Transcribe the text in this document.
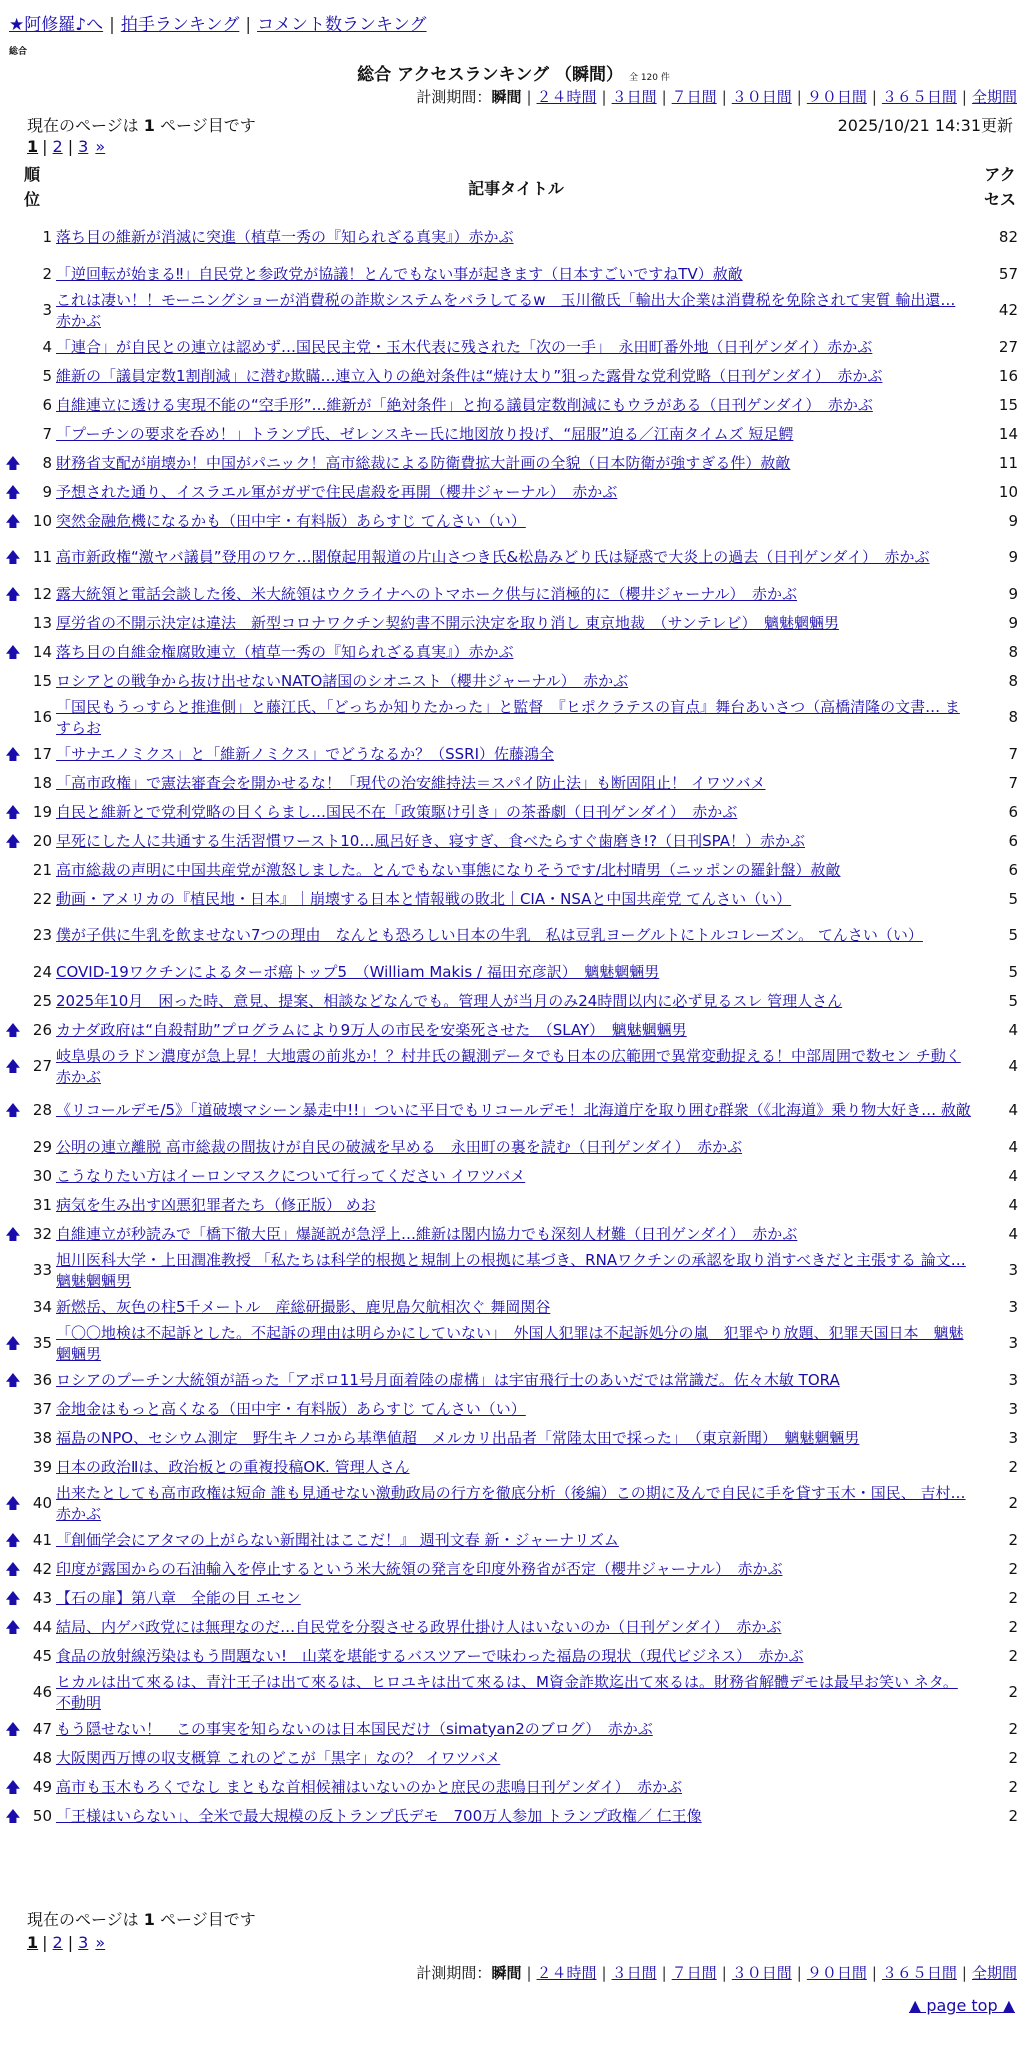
★阿修羅♪へ | 拍手ランキング | コメント数ランキング
総合
総合 アクセスランキング （瞬間） 全 120 件
計測期間：瞬間 | ２４時間 | ３日間 | ７日間 | ３０日間 | ９０日間 | ３６５日間 | 全期間
現在のページは 1 ページ目です	2025/10/21 14:31更新
1 | 2 | 3 »
順位
記事タイトル
アクセス
	1	落ち目の維新が消滅に突進（植草一秀の『知られざる真実』）赤かぶ	82
	2	「逆回転が始まる‼」自民党と参政党が協議！とんでもない事が起きます（日本すごいですねTV）赦敵	57
	3	これは凄い！！モーニングショーが消費税の詐欺システムをバラしてるw　玉川徹氏「輸出大企業は消費税を免除されて実質 輸出還… 赤かぶ	42
	4	「連合」が自民との連立は認めず…国民民主党・玉木代表に残された「次の一手」　永田町番外地（日刊ゲンダイ）赤かぶ	27
	5	維新の「議員定数1割削減」に潜む欺瞞…連立入りの絶対条件は“焼け太り”狙った露骨な党利党略（日刊ゲンダイ）　赤かぶ	16
	6	自維連立に透ける実現不能の“空手形”…維新が「絶対条件」と拘る議員定数削減にもウラがある（日刊ゲンダイ）　赤かぶ	15
	7	「プーチンの要求を呑め！」トランプ氏、ゼレンスキー氏に地図放り投げ、“屈服”迫る／江南タイムズ 短足鰐	14
🡅	8	財務省支配が崩壊か！中国がパニック！高市総裁による防衛費拡大計画の全貌（日本防衛が強すぎる件）赦敵	11
🡅	9	予想された通り、イスラエル軍がガザで住民虐殺を再開（櫻井ジャーナル）　赤かぶ	10
🡅	10	突然金融危機になるかも（田中宇・有料版）あらすじ てんさい（い）	9
🡅	11	高市新政権“激ヤバ議員”登用のワケ…閣僚起用報道の片山さつき氏&松島みどり氏は疑惑で大炎上の過去（日刊ゲンダイ）　赤かぶ	9
🡅	12	露大統領と電話会談した後、米大統領はウクライナへのトマホーク供与に消極的に（櫻井ジャーナル）　赤かぶ	9
	13	厚労省の不開示決定は違法　新型コロナワクチン契約書不開示決定を取り消し 東京地裁　（サンテレビ）　魑魅魍魎男	9
🡅	14	落ち目の自維金権腐敗連立（植草一秀の『知られざる真実』）赤かぶ	8
	15	ロシアとの戦争から抜け出せないNATO諸国のシオニスト（櫻井ジャーナル）　赤かぶ	8
	16	「国民もうっすらと推進側」と藤江氏、「どっちか知りたかった」と監督　『ヒポクラテスの盲点』舞台あいさつ（高橋清隆の文書… ますらお	8
🡅	17	「サナエノミクス」と「維新ノミクス」でどうなるか？（SSRI）佐藤鴻全	7
	18	「高市政権」で憲法審査会を開かせるな！「現代の治安維持法＝スパイ防止法」も断固阻止！ イワツバメ	7
🡅	19	自民と維新とで党利党略の目くらまし…国民不在「政策駆け引き」の茶番劇（日刊ゲンダイ）　赤かぶ	6
🡅	20	早死にした人に共通する生活習慣ワースト10…風呂好き、寝すぎ、食べたらすぐ歯磨き!?（日刊SPA！）赤かぶ	6
	21	高市総裁の声明に中国共産党が激怒しました。とんでもない事態になりそうです/北村晴男（ニッポンの羅針盤）赦敵	6
	22	動画・アメリカの『植民地・日本』｜崩壊する日本と情報戦の敗北｜CIA・NSAと中国共産党 てんさい（い）	5
	23	僕が子供に牛乳を飲ませない7つの理由　なんとも恐ろしい日本の牛乳　私は豆乳ヨーグルトにトルコレーズン。 てんさい（い）	5
	24	COVID-19ワクチンによるターボ癌トップ5　（William Makis / 福田充彦訳）　魑魅魍魎男	5
	25	2025年10月　困った時、意見、提案、相談などなんでも。管理人が当月のみ24時間以内に必ず見るスレ 管理人さん	5
🡅	26	カナダ政府は“自殺幇助”プログラムにより9万人の市民を安楽死させた　（SLAY）　魑魅魍魎男	4
🡅	27	岐阜県のラドン濃度が急上昇！大地震の前兆か！？村井氏の観測データでも日本の広範囲で異常変動捉える！中部周囲で数セン チ動く 赤かぶ	4
🡅	28	《リコールデモ/5》「道破壊マシーン暴走中!!」ついに平日でもリコールデモ！北海道庁を取り囲む群衆（《北海道》乗り物大好き… 赦敵	4
	29	公明の連立離脱 高市総裁の間抜けが自民の破滅を早める　永田町の裏を読む（日刊ゲンダイ）　赤かぶ	4
	30	こうなりたい方はイーロンマスクについて行ってください イワツバメ	4
	31	病気を生み出す凶悪犯罪者たち（修正版） めお	4
🡅	32	自維連立が秒読みで「橋下徹大臣」爆誕説が急浮上…維新は閣内協力でも深刻人材難（日刊ゲンダイ）　赤かぶ	4
	33	旭川医科大学・上田潤准教授 「私たちは科学的根拠と規制上の根拠に基づき、RNAワクチンの承認を取り消すべきだと主張する 論文… 魑魅魍魎男	3
	34	新燃岳、灰色の柱5千メートル　産総研撮影、鹿児島欠航相次ぐ 舞岡関谷	3
🡅	35	「〇〇地検は不起訴とした。不起訴の理由は明らかにしていない」　外国人犯罪は不起訴処分の嵐　犯罪やり放題、犯罪天国日本　魑魅魍魎男	3
🡅	36	ロシアのプーチン大統領が語った「アポロ11号月面着陸の虚構」は宇宙飛行士のあいだでは常識だ。佐々木敏 TORA	3
	37	金地金はもっと高くなる（田中宇・有料版）あらすじ てんさい（い）	3
	38	福島のNPO、セシウム測定　野生キノコから基準値超　メルカリ出品者「常陸太田で採った」　（東京新聞）　魑魅魍魎男	3
	39	日本の政治Ⅱは、政治板との重複投稿OK. 管理人さん	2
🡅	40	出来たとしても高市政権は短命 誰も見通せない激動政局の行方を徹底分析（後編）この期に及んで自民に手を貸す玉木・国民、 吉村… 赤かぶ	2
🡅	41	『創価学会にアタマの上がらない新聞社はここだ！』 週刊文春 新・ジャーナリズム	2
🡅	42	印度が露国からの石油輸入を停止するという米大統領の発言を印度外務省が否定（櫻井ジャーナル）　赤かぶ	2
🡅	43	【石の扉】第八章　全能の目 エセン	2
🡅	44	結局、内ゲバ政党には無理なのだ…自民党を分裂させる政界仕掛け人はいないのか（日刊ゲンダイ）　赤かぶ	2
	45	食品の放射線汚染はもう問題ない!　山菜を堪能するバスツアーで味わった福島の現状（現代ビジネス）　赤かぶ	2
	46	ヒカルは出て來るは、青汁王子は出て來るは、ヒロユキは出て來るは、M資金詐欺迄出て來るは。財務省解體デモは最早お笑い ネタ。 不動明	2
🡅	47	もう隠せない！　この事実を知らないのは日本国民だけ（simatyan2のブログ）　赤かぶ	2
	48	大阪関西万博の収支概算 これのどこが「黒字」なの？ イワツバメ	2
🡅	49	高市も玉木もろくでなし まともな首相候補はいないのかと庶民の悲鳴日刊ゲンダイ）　赤かぶ	2
🡅	50	「王様はいらない」、全米で最大規模の反トランプ氏デモ　700万人参加 トランプ政権／ 仁王像	2
現在のページは 1 ページ目です
1 | 2 | 3 »
計測期間：瞬間 | ２４時間 | ３日間 | ７日間 | ３０日間 | ９０日間 | ３６５日間 | 全期間
▲ page top ▲
